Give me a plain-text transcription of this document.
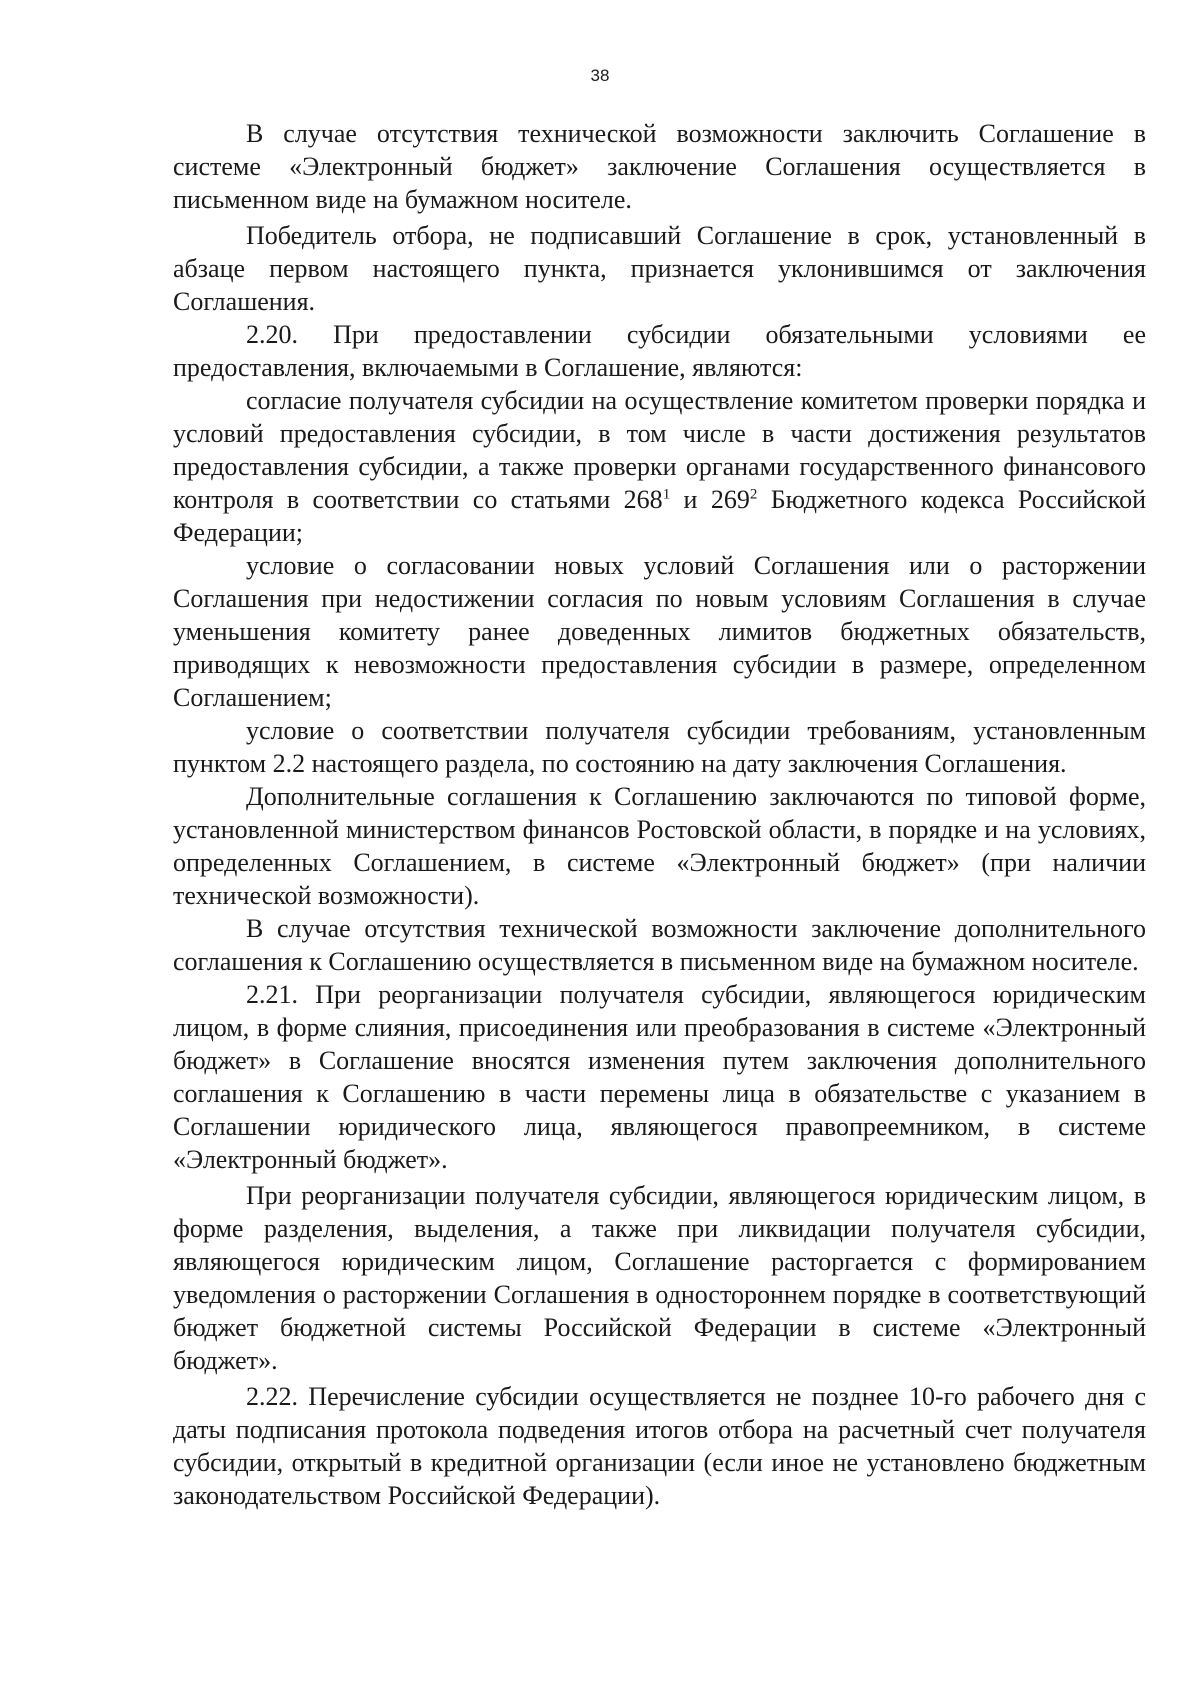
38

В случае отсутствия технической возможности заключить Соглашение в системе «Электронный бюджет» заключение Соглашения осуществляется в письменном виде на бумажном носителе.

Победитель отбора, не подписавший Соглашение в срок, установленный в абзаце первом настоящего пункта, признается уклонившимся от заключения Соглашения.

2.20. При предоставлении субсидии обязательными условиями ее предоставления, включаемыми в Соглашение, являются:

согласие получателя субсидии на осуществление комитетом проверки порядка и условий предоставления субсидии, в том числе в части достижения результатов предоставления субсидии, а также проверки органами государственного финансового контроля в соответствии со статьями $268^1$ и $269^2$ Бюджетного кодекса Российской Федерации;

условие о согласовании новых условий Соглашения или о расторжении Соглашения при недостижении согласия по новым условиям Соглашения в случае уменьшения комитету ранее доведенных лимитов бюджетных обязательств, приводящих к невозможности предоставления субсидии в размере, определенном Соглашением;

условие о соответствии получателя субсидии требованиям, установленным пунктом 2.2 настоящего раздела, по состоянию на дату заключения Соглашения.

Дополнительные соглашения к Соглашению заключаются по типовой форме, установленной министерством финансов Ростовской области, в порядке и на условиях, определенных Соглашением, в системе «Электронный бюджет» (при наличии технической возможности).

В случае отсутствия технической возможности заключение дополнительного соглашения к Соглашению осуществляется в письменном виде на бумажном носителе.

2.21. При реорганизации получателя субсидии, являющегося юридическим лицом, в форме слияния, присоединения или преобразования в системе «Электронный бюджет» в Соглашение вносятся изменения путем заключения дополнительного соглашения к Соглашению в части перемены лица в обязательстве с указанием в Соглашении юридического лица, являющегося правопреемником, в системе «Электронный бюджет».

При реорганизации получателя субсидии, являющегося юридическим лицом, в форме разделения, выделения, а также при ликвидации получателя субсидии, являющегося юридическим лицом, Соглашение расторгается с формированием уведомления о расторжении Соглашения в одностороннем порядке в соответствующий бюджет бюджетной системы Российской Федерации в системе «Электронный бюджет».

2.22. Перечисление субсидии осуществляется не позднее 10-го рабочего дня с даты подписания протокола подведения итогов отбора на расчетный счет получателя субсидии, открытый в кредитной организации (если иное не установлено бюджетным законодательством Российской Федерации).
